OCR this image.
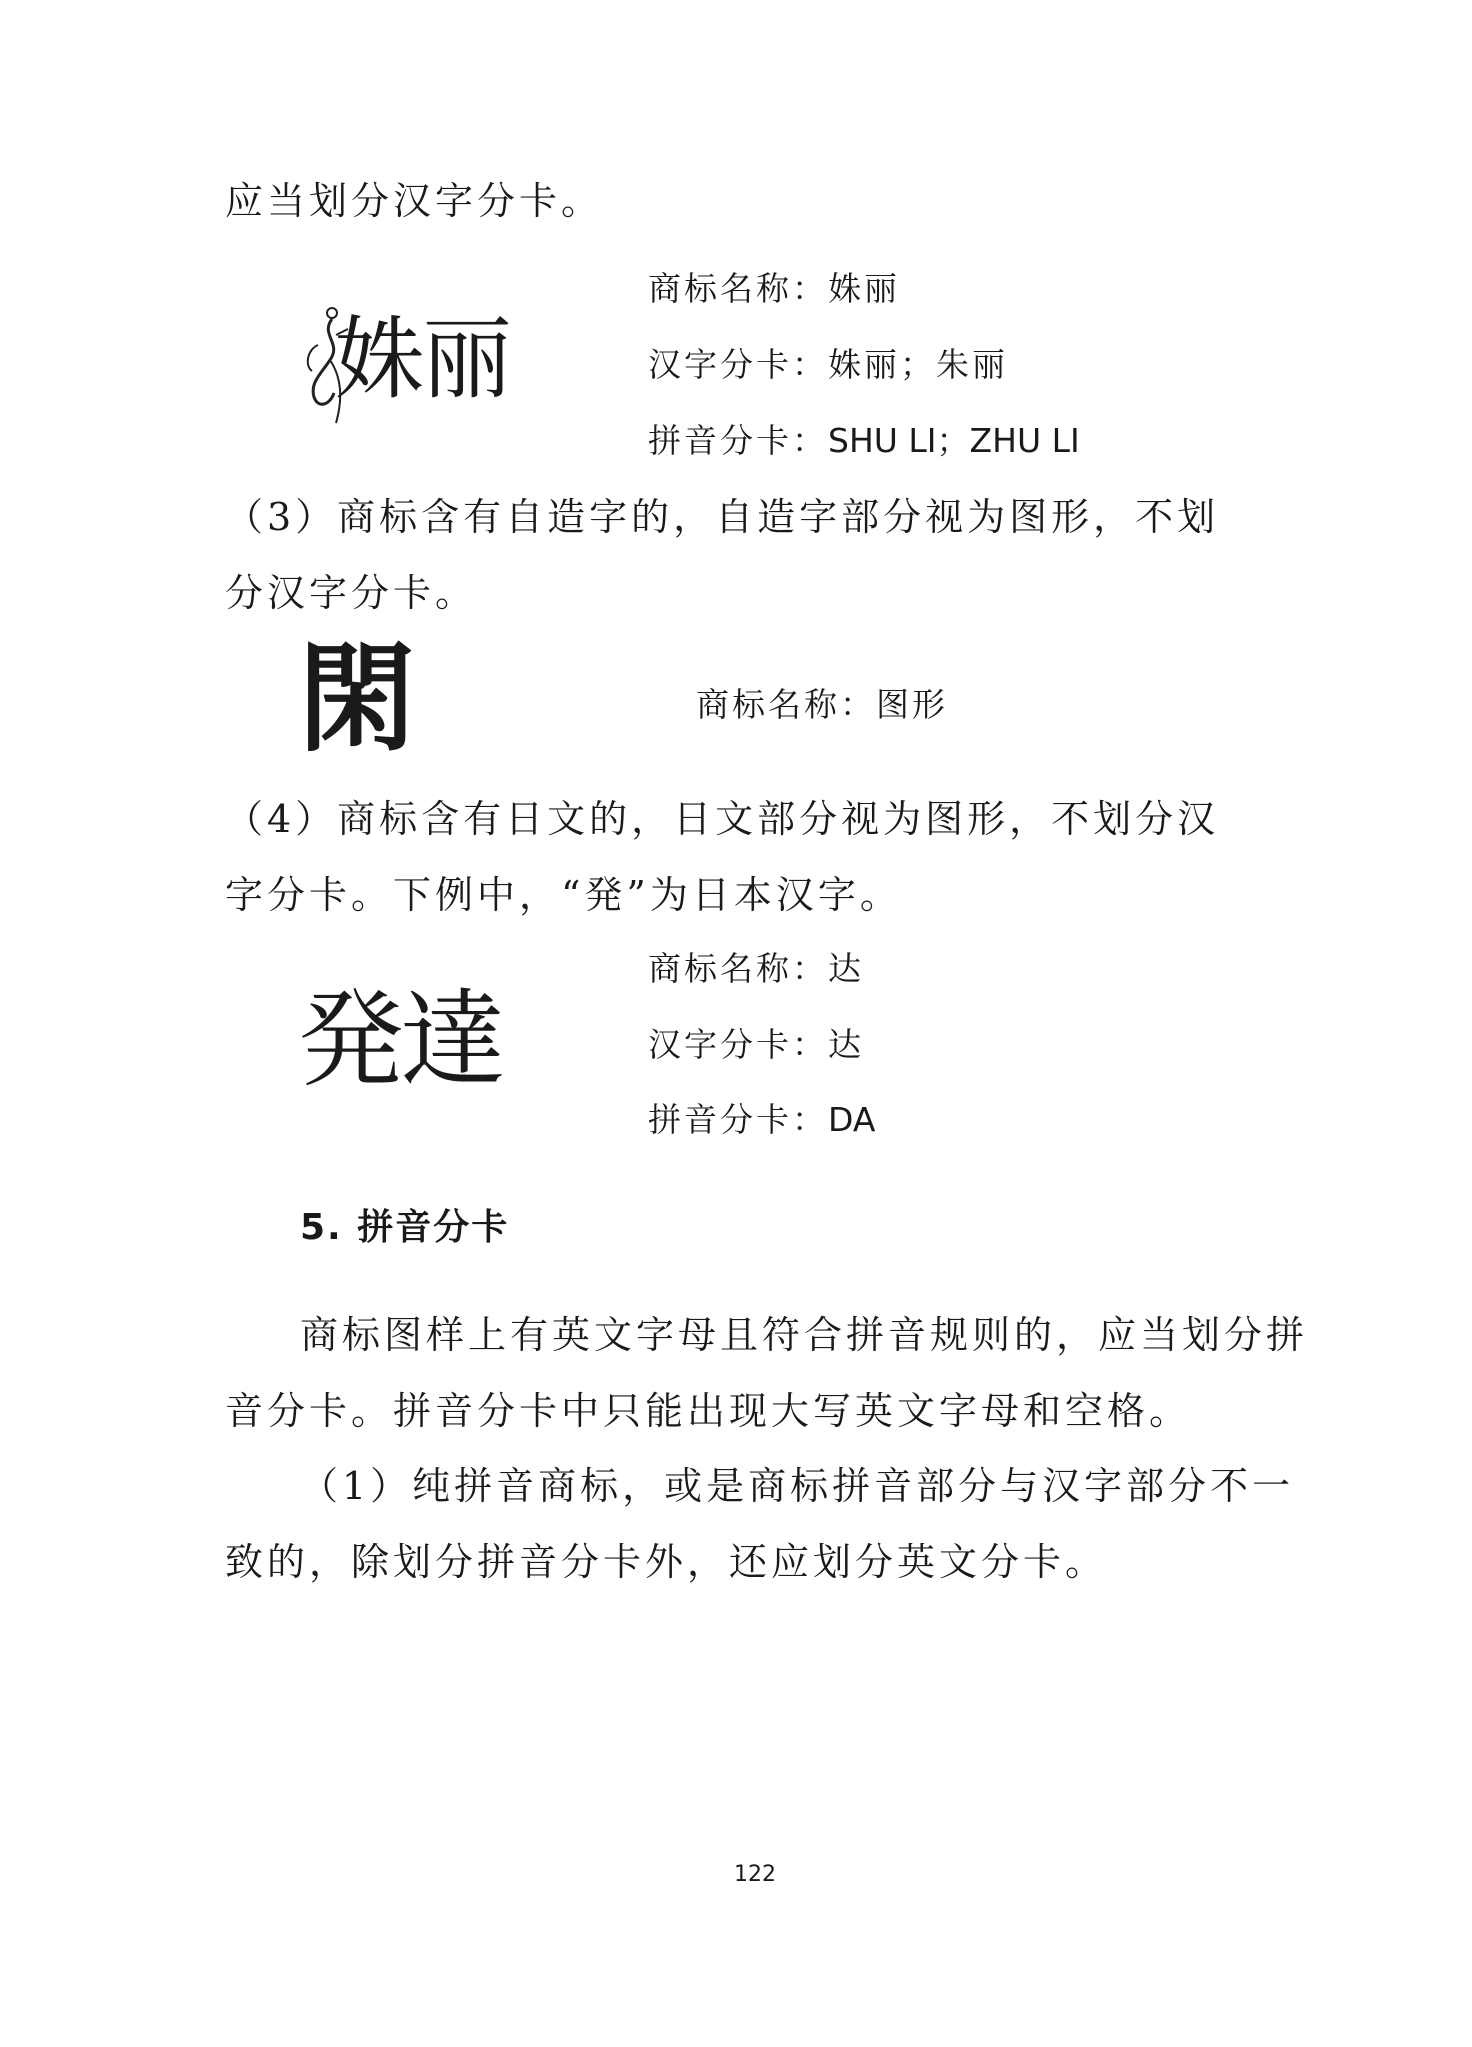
应当划分汉字分卡。
姝丽
商标名称：姝丽
汉字分卡：姝丽；朱丽
拼音分卡：SHU LI；ZHU LI
（3）商标含有自造字的，自造字部分视为图形，不划
分汉字分卡。
閑	商标名称：图形
（4）商标含有日文的，日文部分视为图形，不划分汉
字分卡。下例中，“発”为日本汉字。
発達
商标名称：达
汉字分卡：达
拼音分卡：DA
5. 拼音分卡
商标图样上有英文字母且符合拼音规则的，应当划分拼
音分卡。拼音分卡中只能出现大写英文字母和空格。
（1）纯拼音商标，或是商标拼音部分与汉字部分不一
致的，除划分拼音分卡外，还应划分英文分卡。
122
